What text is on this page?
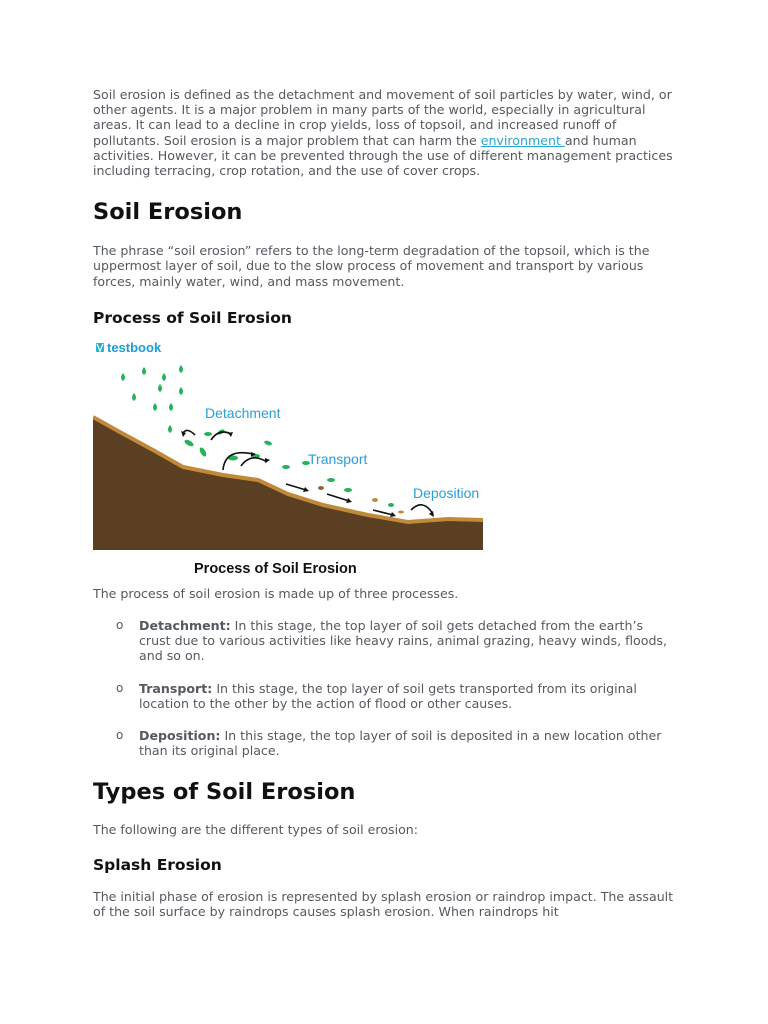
Soil erosion is defined as the detachment and movement of soil particles by water, wind, or other agents. It is a major problem in many parts of the world, especially in agricultural areas. It can lead to a decline in crop yields, loss of topsoil, and increased runoff of pollutants. Soil erosion is a major problem that can harm the environment and human activities. However, it can be prevented through the use of different management practices including terracing, crop rotation, and the use of cover crops.

Soil Erosion

The phrase “soil erosion” refers to the long-term degradation of the topsoil, which is the uppermost layer of soil, due to the slow process of movement and transport by various forces, mainly water, wind, and mass movement.

Process of Soil Erosion
testbook
Detachment
Transport
Deposition
Process of Soil Erosion

The process of soil erosion is made up of three processes.

o Detachment: In this stage, the top layer of soil gets detached from the earth’s crust due to various activities like heavy rains, animal grazing, heavy winds, floods, and so on.
o Transport: In this stage, the top layer of soil gets transported from its original location to the other by the action of flood or other causes.
o Deposition: In this stage, the top layer of soil is deposited in a new location other than its original place.
Types of Soil Erosion

The following are the different types of soil erosion:

Splash Erosion

The initial phase of erosion is represented by splash erosion or raindrop impact. The assault of the soil surface by raindrops causes splash erosion. When raindrops hit
